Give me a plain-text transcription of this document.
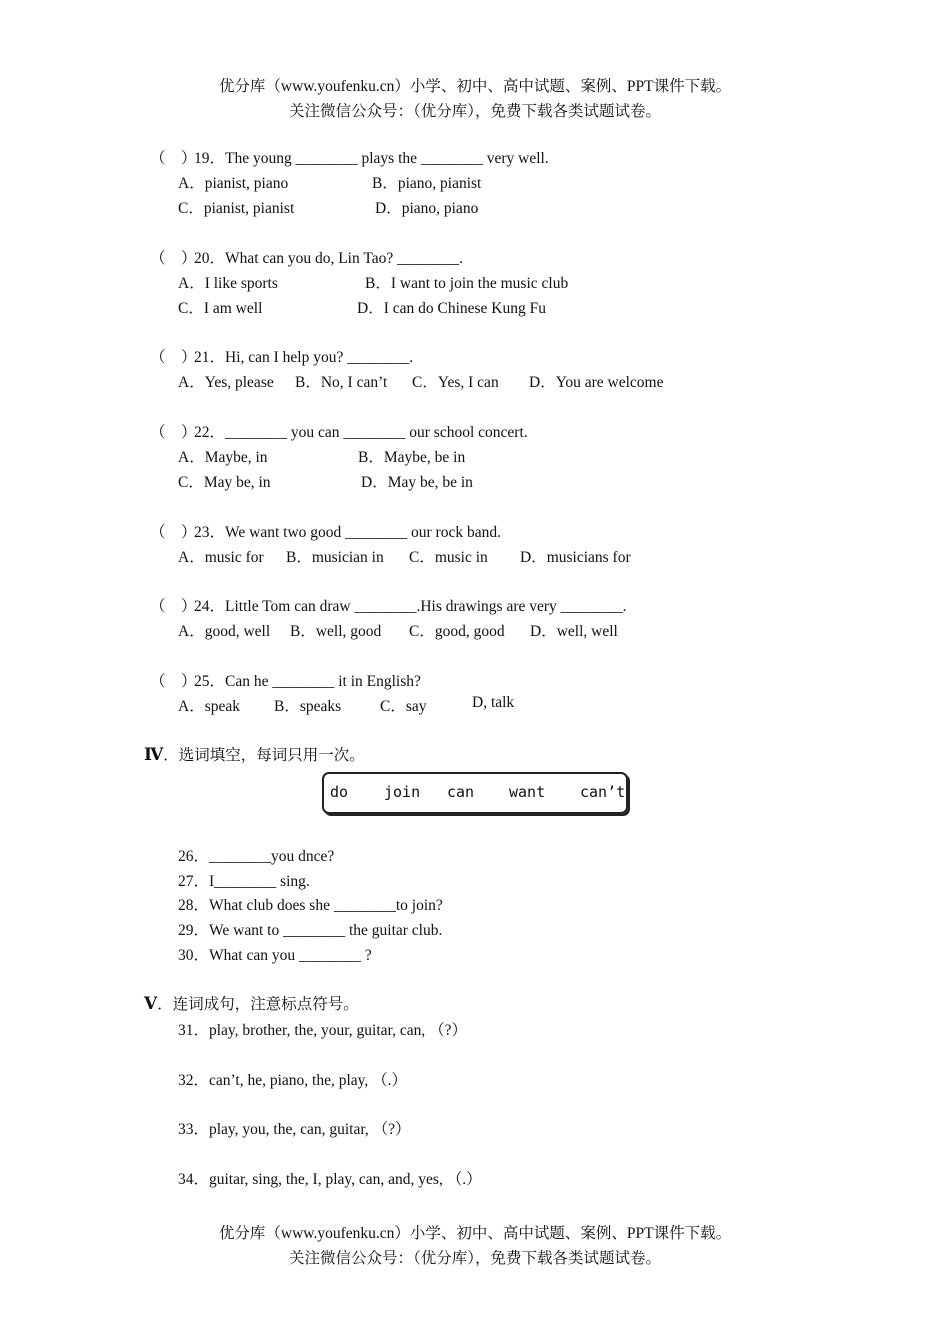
优分库（www.youfenku.cn）小学、初中、高中试题、案例、PPT课件下载。
关注微信公众号：（优分库），免费下载各类试题试卷。
（　）
19．The young ________ plays the ________ very well.
A．pianist, piano	B．piano, pianist
C．pianist, pianist	D．piano, piano
（　）
20．What can you do, Lin Tao? ________.
A．I like sports	B．I want to join the music club
C．I am well	D．I can do Chinese Kung Fu
（　）
21．Hi, can I help you? ________.
A．Yes, please B．No, I can’t C．Yes, I can D．You are welcome
（　）
22．________ you can ________ our school concert.
A．Maybe, in	B．Maybe, be in
C．May be, in	D．May be, be in
（　）
23．We want two good ________ our rock band.
A．music for B．musician in C．music in D．musicians for
（　）
24．Little Tom can draw ________.His drawings are very ________.
A．good, well B．well, good C．good, good D．well, well
（　）
25．Can he ________ it in English?
A．speak B．speaks	C．say	D, talk
Ⅳ．选词填空，每词只用一次。
do join can want can’t
26．________you dnce?
27．I________ sing.
28．What club does she ________to join?
29．We want to ________ the guitar club.
30．What can you ________ ?
Ⅴ．连词成句，注意标点符号。
31．play, brother, the, your, guitar, can, （?）
32．can’t, he, piano, the, play, （.）
33．play, you, the, can, guitar, （?）
34．guitar, sing, the, I, play, can, and, yes, （.）
优分库（www.youfenku.cn）小学、初中、高中试题、案例、PPT课件下载。
关注微信公众号：（优分库），免费下载各类试题试卷。
